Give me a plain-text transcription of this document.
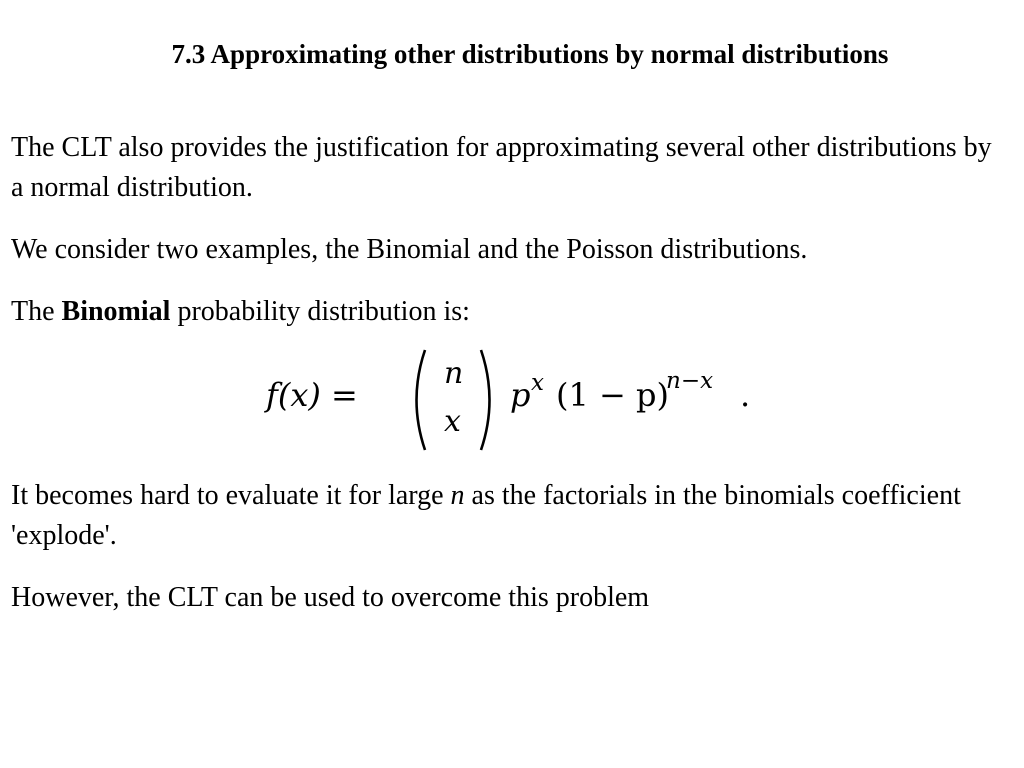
7.3 Approximating other distributions by normal distributions

The CLT also provides the justification for approximating several other distributions by a normal distribution.

We consider two examples, the Binomial and the Poisson distributions.

The Binomial probability distribution is:

f(x) =
n
x
p x (1 − p)
n−x .

It becomes hard to evaluate it for large n as the factorials in the binomials coefficient 'explode'.

However, the CLT can be used to overcome this problem
